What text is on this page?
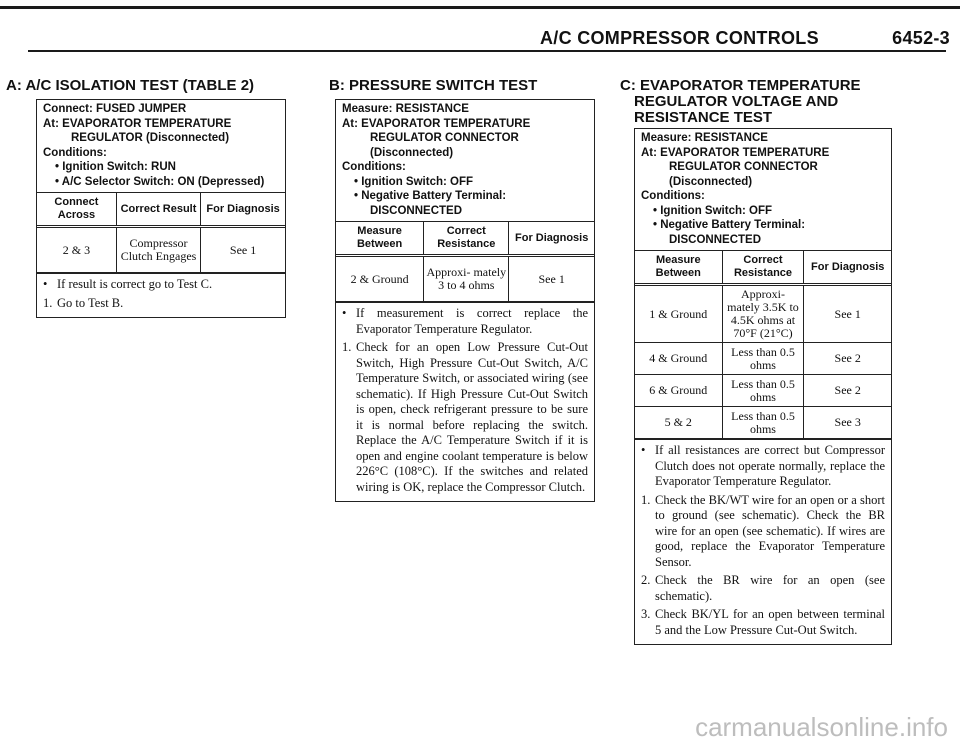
A/C COMPRESSOR CONTROLS	6452-3
A: A/C ISOLATION TEST (TABLE 2)
Connect: FUSED JUMPER
At: EVAPORATOR TEMPERATURE
REGULATOR (Disconnected)
Conditions:
• Ignition Switch: RUN
• A/C Selector Switch: ON (Depressed)
Connect Across	Correct Result	For Diagnosis
2 & 3	Compressor Clutch Engages	See 1
• If result is correct go to Test C.
1. Go to Test B.
B: PRESSURE SWITCH TEST
Measure: RESISTANCE
At: EVAPORATOR TEMPERATURE
REGULATOR CONNECTOR
(Disconnected)
Conditions:
• Ignition Switch: OFF
• Negative Battery Terminal:
DISCONNECTED
Measure Between	Correct Resistance	For Diagnosis
2 & Ground	Approxi- mately 3 to 4 ohms	See 1
• If measurement is correct replace the Evaporator Temperature Regulator.
1. Check for an open Low Pressure Cut-Out Switch, High Pressure Cut-Out Switch, A/C Temperature Switch, or associated wiring (see schematic). If High Pressure Cut-Out Switch is open, check refrigerant pressure to be sure it is normal before replacing the switch. Replace the A/C Temperature Switch if it is open and engine coolant temperature is below 226°C (108°C). If the switches and related wiring is OK, replace the Compressor Clutch.
C: EVAPORATOR TEMPERATURE
REGULATOR VOLTAGE AND
RESISTANCE TEST
Measure: RESISTANCE
At: EVAPORATOR TEMPERATURE
REGULATOR CONNECTOR
(Disconnected)
Conditions:
• Ignition Switch: OFF
• Negative Battery Terminal:
DISCONNECTED
Measure Between	Correct Resistance	For Diagnosis
1 & Ground	Approxi- mately 3.5K to 4.5K ohms at 70°F (21°C)	See 1
4 & Ground	Less than 0.5 ohms	See 2
6 & Ground	Less than 0.5 ohms	See 2
5 & 2	Less than 0.5 ohms	See 3
• If all resistances are correct but Compressor Clutch does not operate normally, replace the Evaporator Temperature Regulator.
1. Check the BK/WT wire for an open or a short to ground (see schematic). Check the BR wire for an open (see schematic). If wires are good, replace the Evaporator Temperature Sensor.
2. Check the BR wire for an open (see schematic).
3. Check BK/YL for an open between terminal 5 and the Low Pressure Cut-Out Switch.
carmanualsonline.info
